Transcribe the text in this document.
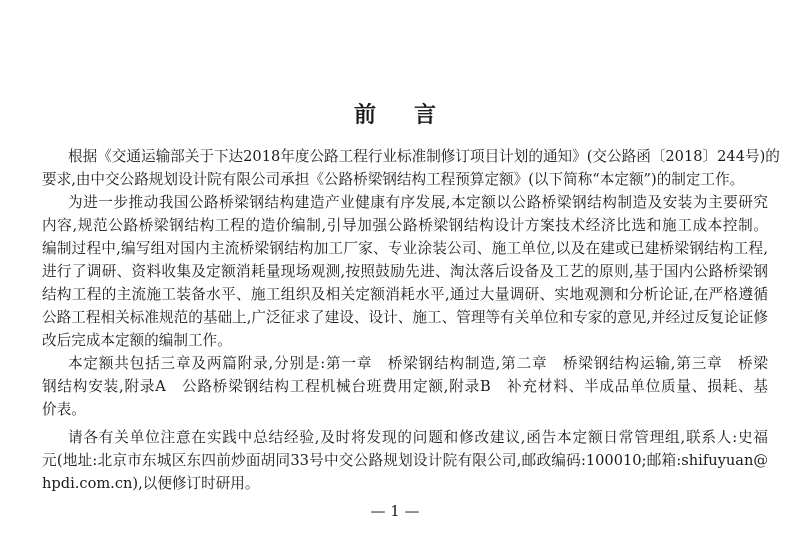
前言
根据《交通运输部关于下达2018年度公路工程行业标准制修订项目计划的通知》(交公路函〔2018〕244号)的
要求,由中交公路规划设计院有限公司承担《公路桥梁钢结构工程预算定额》(以下简称“本定额”)的制定工作。
为进一步推动我国公路桥梁钢结构建造产业健康有序发展,本定额以公路桥梁钢结构制造及安装为主要研究
内容,规范公路桥梁钢结构工程的造价编制,引导加强公路桥梁钢结构设计方案技术经济比选和施工成本控制。
编制过程中,编写组对国内主流桥梁钢结构加工厂家、专业涂装公司、施工单位,以及在建或已建桥梁钢结构工程,
进行了调研、资料收集及定额消耗量现场观测,按照鼓励先进、淘汰落后设备及工艺的原则,基于国内公路桥梁钢
结构工程的主流施工装备水平、施工组织及相关定额消耗水平,通过大量调研、实地观测和分析论证,在严格遵循
公路工程相关标准规范的基础上,广泛征求了建设、设计、施工、管理等有关单位和专家的意见,并经过反复论证修
改后完成本定额的编制工作。
本定额共包括三章及两篇附录,分别是:第一章　桥梁钢结构制造,第二章　桥梁钢结构运输,第三章　桥梁
钢结构安装,附录A　公路桥梁钢结构工程机械台班费用定额,附录B　补充材料、半成品单位质量、损耗、基
价表。
请各有关单位注意在实践中总结经验,及时将发现的问题和修改建议,函告本定额日常管理组,联系人:史福
元(地址:北京市东城区东四前炒面胡同33号中交公路规划设计院有限公司,邮政编码:100010;邮箱:shifuyuan@
hpdi.com.cn),以便修订时研用。
— 1 —
